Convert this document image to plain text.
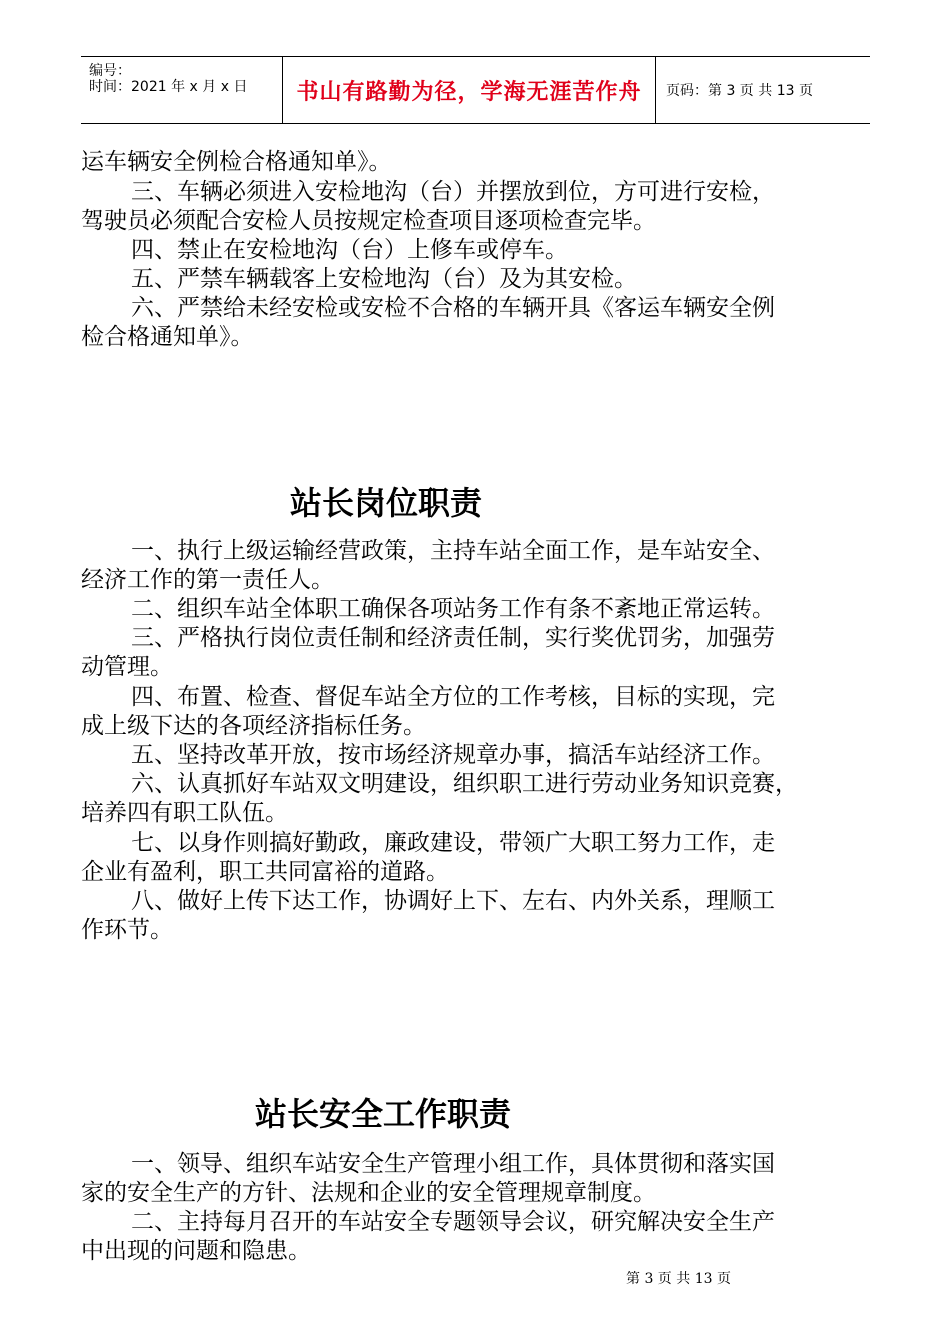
编号：
时间：2021 年 x 月 x 日	书山有路勤为径，学海无涯苦作舟	页码：第 3 页 共 13 页

运车辆安全例检合格通知单》。

三、车辆必须进入安检地沟（台）并摆放到位，方可进行安检，

驾驶员必须配合安检人员按规定检查项目逐项检查完毕。

四、禁止在安检地沟（台）上修车或停车。

五、严禁车辆载客上安检地沟（台）及为其安检。

六、严禁给未经安检或安检不合格的车辆开具《客运车辆安全例

检合格通知单》。

站长岗位职责

一、执行上级运输经营政策，主持车站全面工作，是车站安全、

经济工作的第一责任人。

二、组织车站全体职工确保各项站务工作有条不紊地正常运转。

三、严格执行岗位责任制和经济责任制，实行奖优罚劣，加强劳

动管理。

四、布置、检查、督促车站全方位的工作考核，目标的实现，完

成上级下达的各项经济指标任务。

五、坚持改革开放，按市场经济规章办事，搞活车站经济工作。

六、认真抓好车站双文明建设，组织职工进行劳动业务知识竞赛，

培养四有职工队伍。

七、以身作则搞好勤政，廉政建设，带领广大职工努力工作，走

企业有盈利，职工共同富裕的道路。

八、做好上传下达工作，协调好上下、左右、内外关系，理顺工

作环节。

站长安全工作职责

一、领导、组织车站安全生产管理小组工作，具体贯彻和落实国

家的安全生产的方针、法规和企业的安全管理规章制度。

二、主持每月召开的车站安全专题领导会议，研究解决安全生产

中出现的问题和隐患。

第 3 页 共 13 页
